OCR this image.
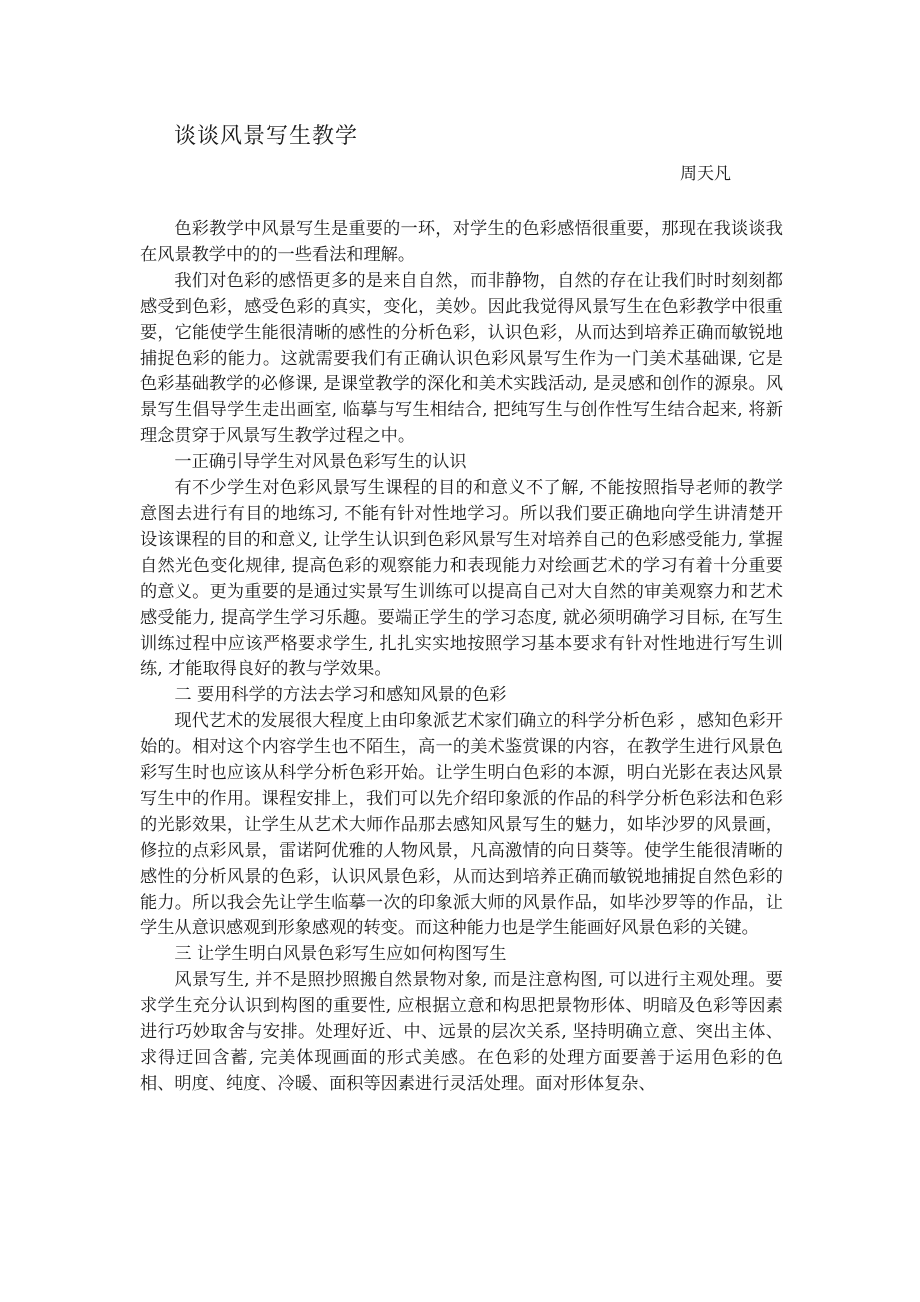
谈谈风景写生教学
周天凡

色彩教学中风景写生是重要的一环，对学生的色彩感悟很重要，那现在我谈谈我在风景教学中的的一些看法和理解。

我们对色彩的感悟更多的是来自自然，而非静物，自然的存在让我们时时刻刻都感受到色彩，感受色彩的真实，变化，美妙。因此我觉得风景写生在色彩教学中很重要，它能使学生能很清晰的感性的分析色彩，认识色彩，从而达到培养正确而敏锐地捕捉色彩的能力。这就需要我们有正确认识色彩风景写生作为一门美术基础课, 它是色彩基础教学的必修课, 是课堂教学的深化和美术实践活动, 是灵感和创作的源泉。风景写生倡导学生走出画室, 临摹与写生相结合, 把纯写生与创作性写生结合起来, 将新理念贯穿于风景写生教学过程之中。

一正确引导学生对风景色彩写生的认识

有不少学生对色彩风景写生课程的目的和意义不了解, 不能按照指导老师的教学意图去进行有目的地练习, 不能有针对性地学习。所以我们要正确地向学生讲清楚开设该课程的目的和意义, 让学生认识到色彩风景写生对培养自己的色彩感受能力, 掌握自然光色变化规律, 提高色彩的观察能力和表现能力对绘画艺术的学习有着十分重要的意义。更为重要的是通过实景写生训练可以提高自己对大自然的审美观察力和艺术感受能力, 提高学生学习乐趣。要端正学生的学习态度, 就必须明确学习目标, 在写生训练过程中应该严格要求学生, 扎扎实实地按照学习基本要求有针对性地进行写生训练, 才能取得良好的教与学效果。

二 要用科学的方法去学习和感知风景的色彩

现代艺术的发展很大程度上由印象派艺术家们确立的科学分析色彩 ，感知色彩开始的。相对这个内容学生也不陌生，高一的美术鉴赏课的内容，在教学生进行风景色彩写生时也应该从科学分析色彩开始。让学生明白色彩的本源，明白光影在表达风景写生中的作用。课程安排上，我们可以先介绍印象派的作品的科学分析色彩法和色彩的光影效果，让学生从艺术大师作品那去感知风景写生的魅力，如毕沙罗的风景画，修拉的点彩风景，雷诺阿优雅的人物风景，凡高激情的向日葵等。使学生能很清晰的感性的分析风景的色彩，认识风景色彩，从而达到培养正确而敏锐地捕捉自然色彩的能力。所以我会先让学生临摹一次的印象派大师的风景作品，如毕沙罗等的作品，让学生从意识感观到形象感观的转变。而这种能力也是学生能画好风景色彩的关键。

三 让学生明白风景色彩写生应如何构图写生

风景写生, 并不是照抄照搬自然景物对象, 而是注意构图, 可以进行主观处理。要求学生充分认识到构图的重要性, 应根据立意和构思把景物形体、明暗及色彩等因素进行巧妙取舍与安排。处理好近、中、远景的层次关系, 坚持明确立意、突出主体、求得迂回含蓄, 完美体现画面的形式美感。在色彩的处理方面要善于运用色彩的色相、明度、纯度、冷暖、面积等因素进行灵活处理。面对形体复杂、
